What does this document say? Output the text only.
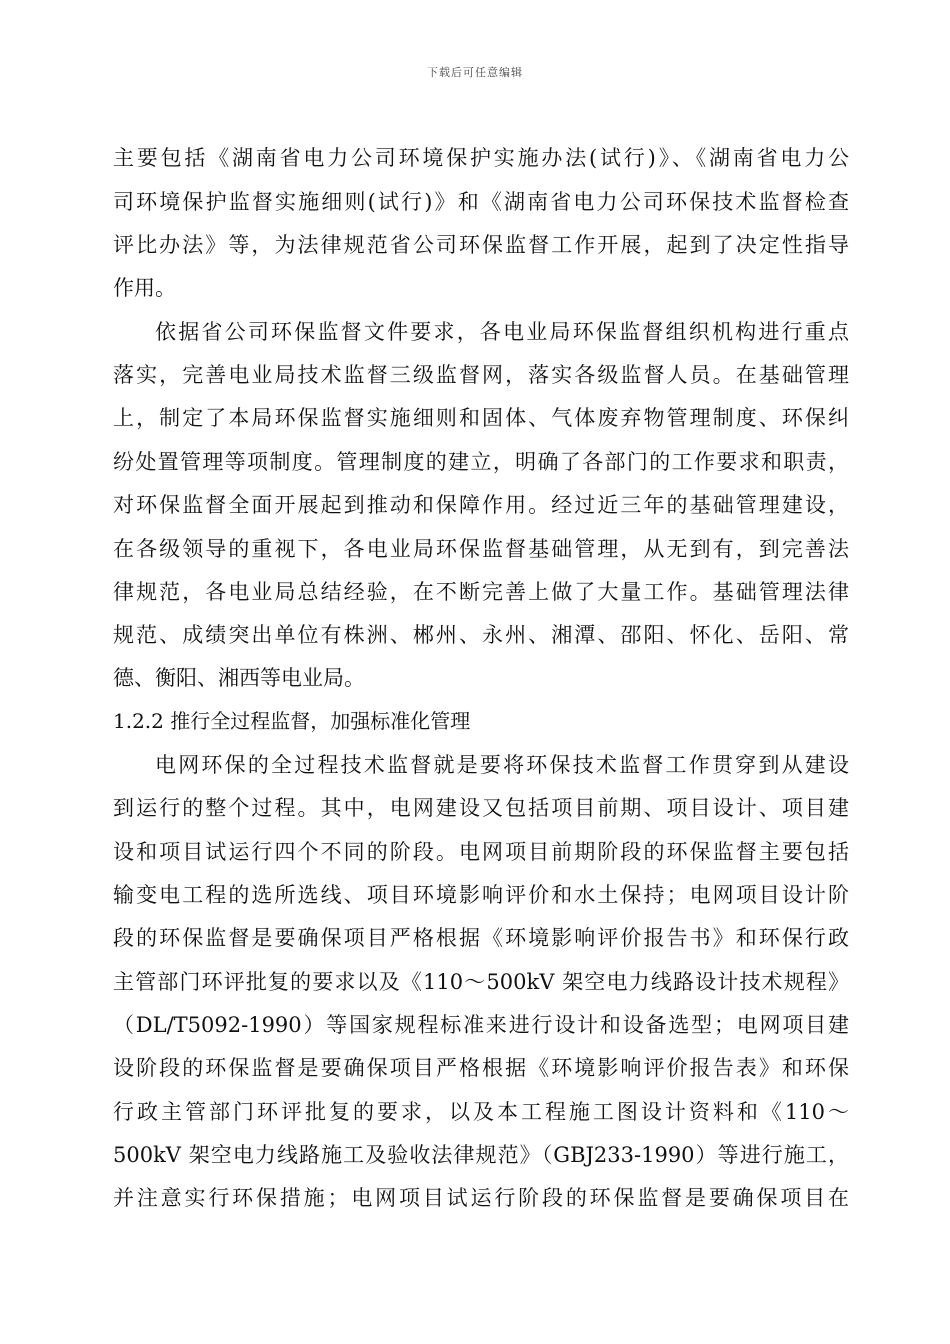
下载后可任意编辑
主要包括《湖南省电力公司环境保护实施办法(试行)》、《湖南省电力公
司环境保护监督实施细则(试行)》和《湖南省电力公司环保技术监督检查
评比办法》等，为法律规范省公司环保监督工作开展，起到了决定性指导
作用。
依据省公司环保监督文件要求，各电业局环保监督组织机构进行重点
落实，完善电业局技术监督三级监督网，落实各级监督人员。在基础管理
上，制定了本局环保监督实施细则和固体、气体废弃物管理制度、环保纠
纷处置管理等项制度。管理制度的建立，明确了各部门的工作要求和职责，
对环保监督全面开展起到推动和保障作用。经过近三年的基础管理建设，
在各级领导的重视下，各电业局环保监督基础管理，从无到有，到完善法
律规范，各电业局总结经验，在不断完善上做了大量工作。基础管理法律
规范、成绩突出单位有株洲、郴州、永州、湘潭、邵阳、怀化、岳阳、常
德、衡阳、湘西等电业局。
1.2.2 推行全过程监督，加强标准化管理
电网环保的全过程技术监督就是要将环保技术监督工作贯穿到从建设
到运行的整个过程。其中，电网建设又包括项目前期、项目设计、项目建
设和项目试运行四个不同的阶段。电网项目前期阶段的环保监督主要包括
输变电工程的选所选线、项目环境影响评价和水土保持；电网项目设计阶
段的环保监督是要确保项目严格根据《环境影响评价报告书》和环保行政
主管部门环评批复的要求以及《110～500kV 架空电力线路设计技术规程》
（DL/T5092-1990）等国家规程标准来进行设计和设备选型；电网项目建
设阶段的环保监督是要确保项目严格根据《环境影响评价报告表》和环保
行政主管部门环评批复的要求，以及本工程施工图设计资料和《110～
500kV 架空电力线路施工及验收法律规范》（GBJ233-1990）等进行施工，
并注意实行环保措施；电网项目试运行阶段的环保监督是要确保项目在
